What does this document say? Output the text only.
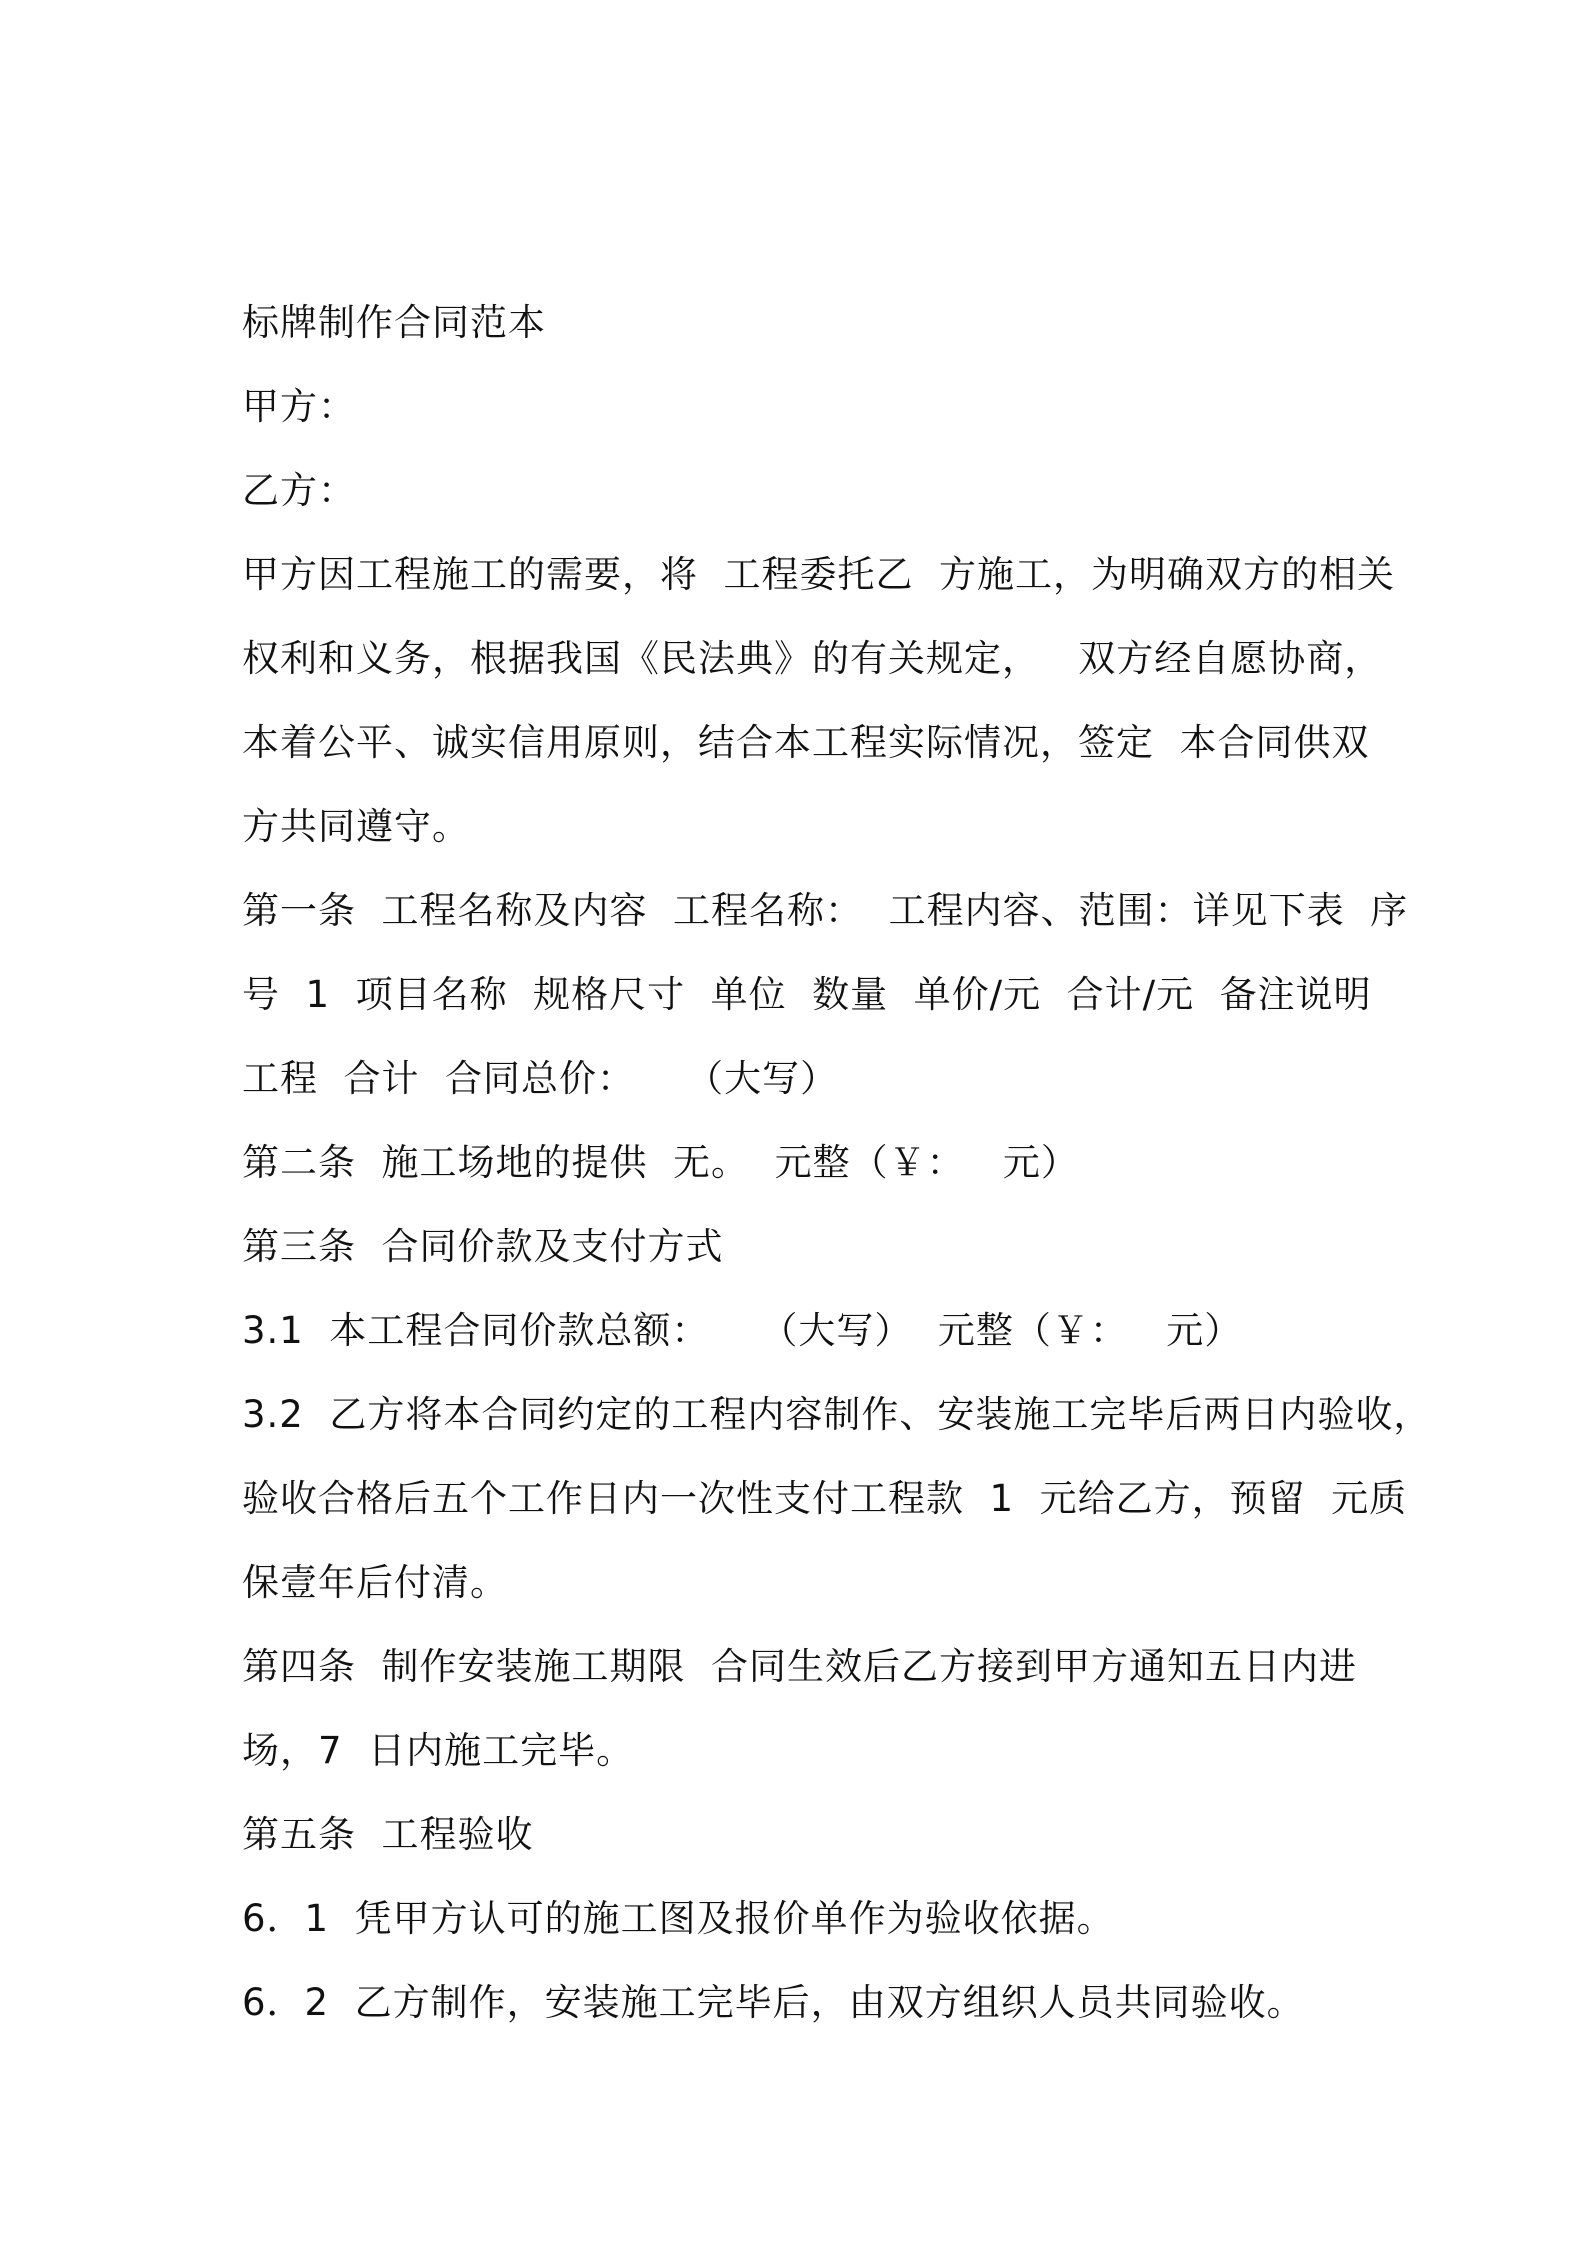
标牌制作合同范本
甲方：
乙方：
甲方因工程施工的需要，将  工程委托乙  方施工，为明确双方的相关
权利和义务，根据我国《民法典》的有关规定，   双方经自愿协商，
本着公平、诚实信用原则，结合本工程实际情况，签定  本合同供双
方共同遵守。
第一条  工程名称及内容  工程名称：  工程内容、范围：详见下表  序
号  1  项目名称  规格尺寸  单位  数量  单价/元  合计/元  备注说明
工程  合计  合同总价：    （大写）
第二条  施工场地的提供  无。  元整（￥：   元）
第三条  合同价款及支付方式
3.1  本工程合同价款总额：    （大写）  元整（￥：   元）
3.2  乙方将本合同约定的工程内容制作、安装施工完毕后两日内验收，
验收合格后五个工作日内一次性支付工程款  1  元给乙方，预留  元质
保壹年后付清。
第四条  制作安装施工期限  合同生效后乙方接到甲方通知五日内进
场，7  日内施工完毕。
第五条  工程验收
6．1  凭甲方认可的施工图及报价单作为验收依据。
6．2  乙方制作，安装施工完毕后，由双方组织人员共同验收。
